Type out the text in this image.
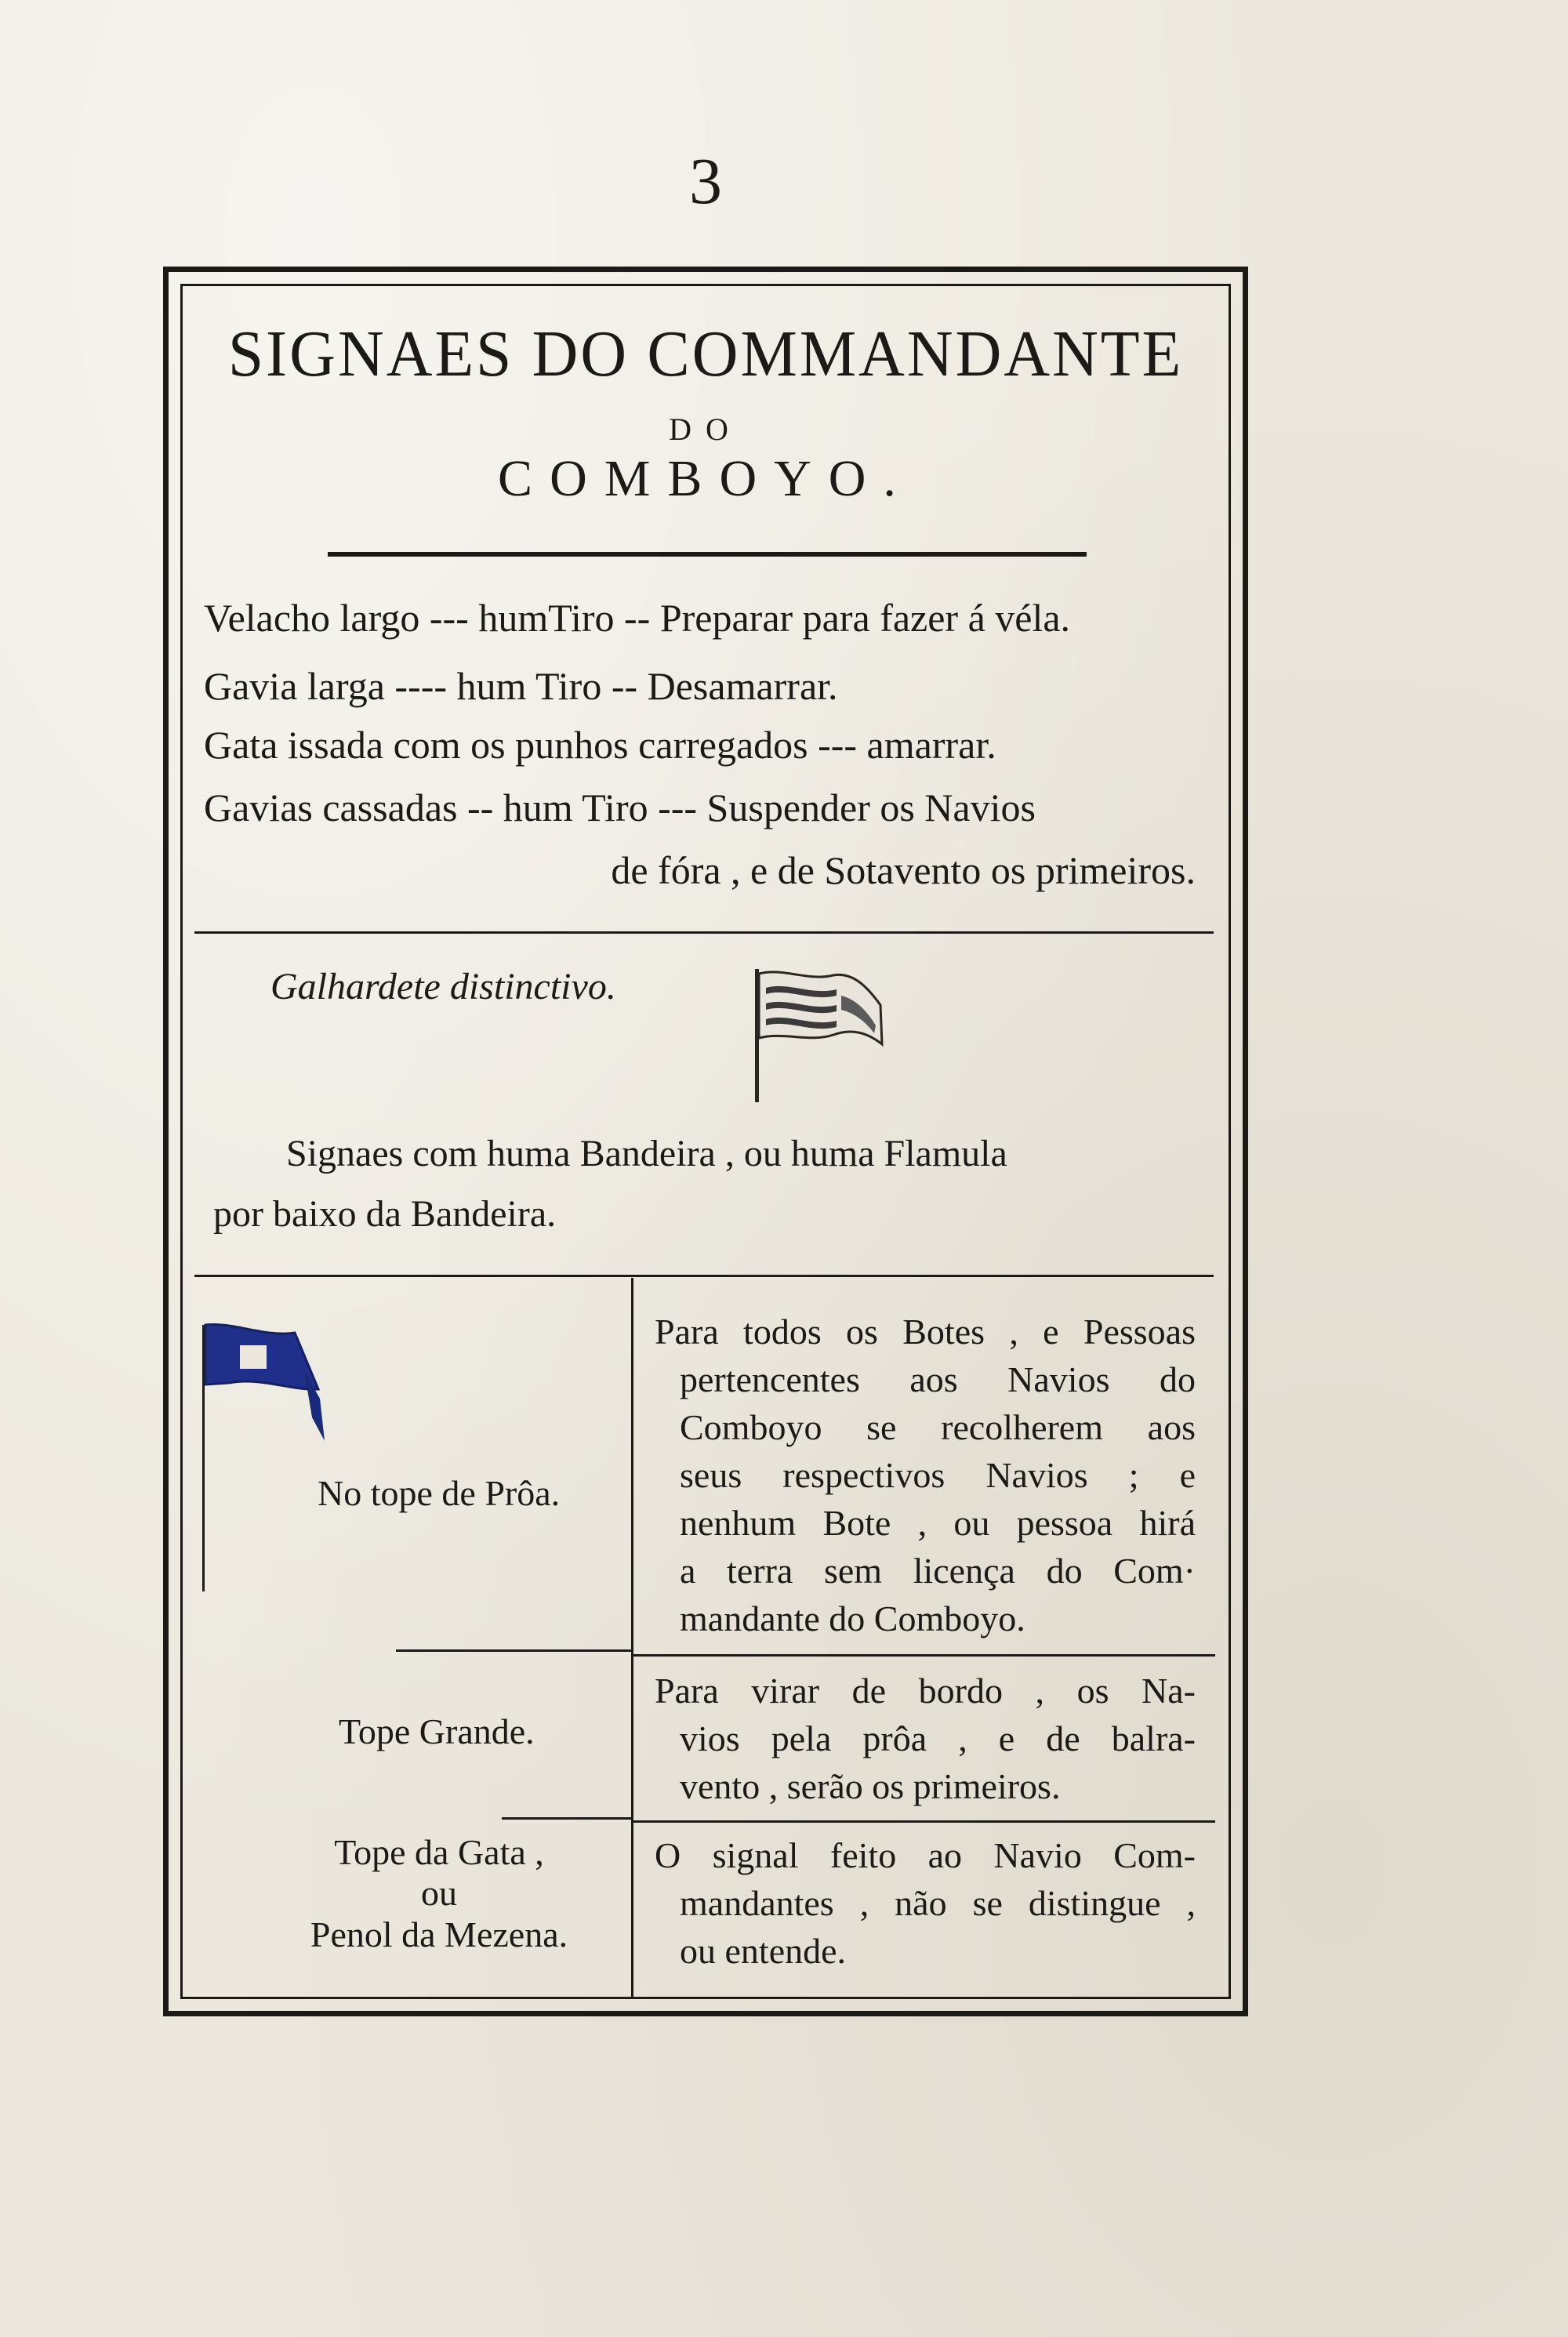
3
SIGNAES DO COMMANDANTE
DO
COMBOYO.
Velacho largo --- humTiro -- Preparar para fazer á véla.
Gavia larga ---- hum Tiro -- Desamarrar.
Gata issada com os punhos carregados --- amarrar.
Gavias cassadas -- hum Tiro --- Suspender os Navios
de fóra , e de Sotavento os primeiros.
Galhardete distinctivo.
Signaes com huma Bandeira , ou huma Flamula
por baixo da Bandeira.
No tope de Prôa.
Para todos os Botes , e Pessoas
pertencentes aos Navios do
Comboyo se recolherem aos
seus respectivos Navios ; e
nenhum Bote , ou pessoa hirá
a terra sem licença do Com·
mandante do Comboyo.
Tope Grande.
Para virar de bordo , os Na-
vios pela prôa , e de balra-
vento , serão os primeiros.
Tope da Gata ,
ou
Penol da Mezena.
O signal feito ao Navio Com-
mandantes , não se distingue ,
ou entende.
